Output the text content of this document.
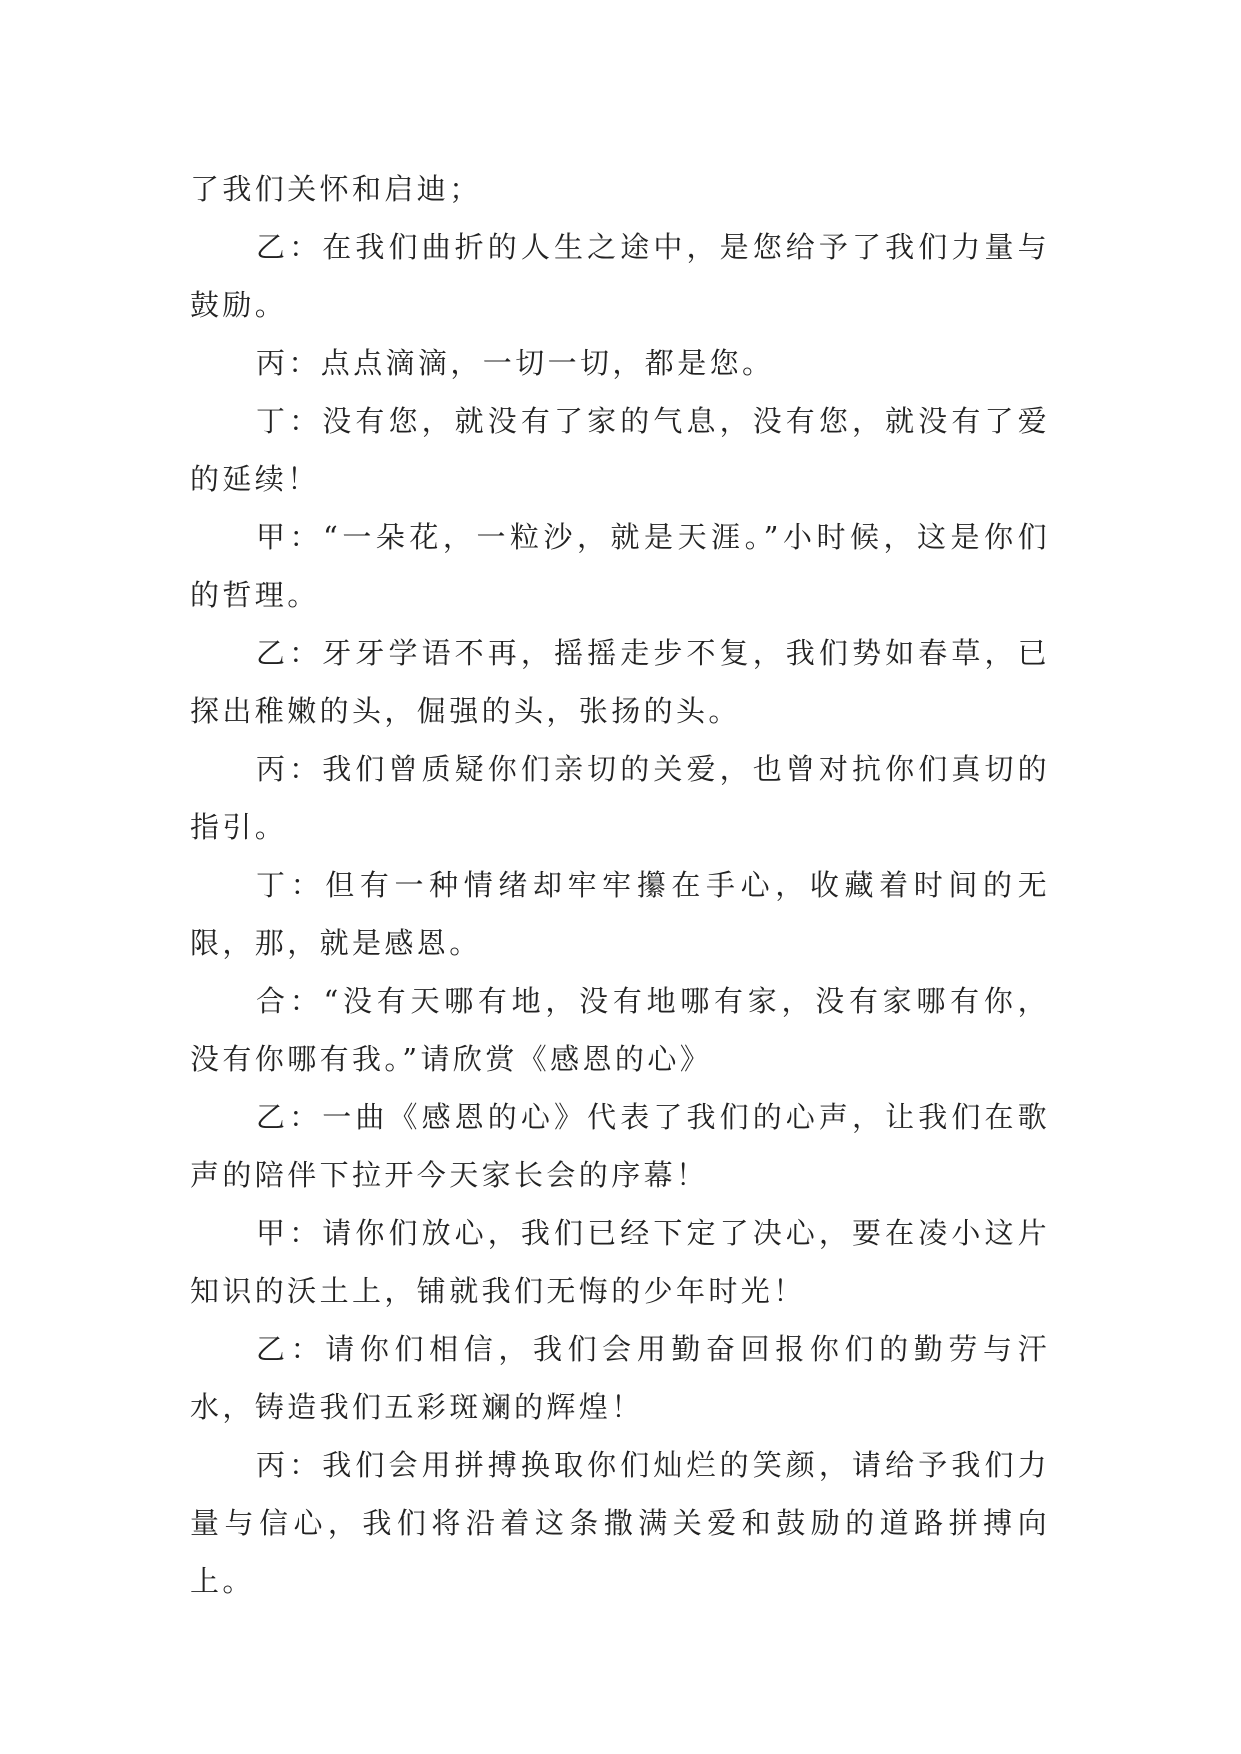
了我们关怀和启迪；

乙：在我们曲折的人生之途中，是您给予了我们力量与鼓励。

丙：点点滴滴，一切一切，都是您。

丁：没有您，就没有了家的气息，没有您，就没有了爱的延续！

甲：“一朵花，一粒沙，就是天涯。”小时候，这是你们的哲理。

乙：牙牙学语不再，摇摇走步不复，我们势如春草，已探出稚嫩的头，倔强的头，张扬的头。

丙：我们曾质疑你们亲切的关爱，也曾对抗你们真切的指引。

丁：但有一种情绪却牢牢攥在手心，收藏着时间的无限，那，就是感恩。

合：“没有天哪有地，没有地哪有家，没有家哪有你，没有你哪有我。”请欣赏《感恩的心》

乙：一曲《感恩的心》代表了我们的心声，让我们在歌声的陪伴下拉开今天家长会的序幕！

甲：请你们放心，我们已经下定了决心，要在凌小这片知识的沃土上，铺就我们无悔的少年时光！

乙：请你们相信，我们会用勤奋回报你们的勤劳与汗水，铸造我们五彩斑斓的辉煌！

丙：我们会用拼搏换取你们灿烂的笑颜，请给予我们力量与信心，我们将沿着这条撒满关爱和鼓励的道路拼搏向上。
